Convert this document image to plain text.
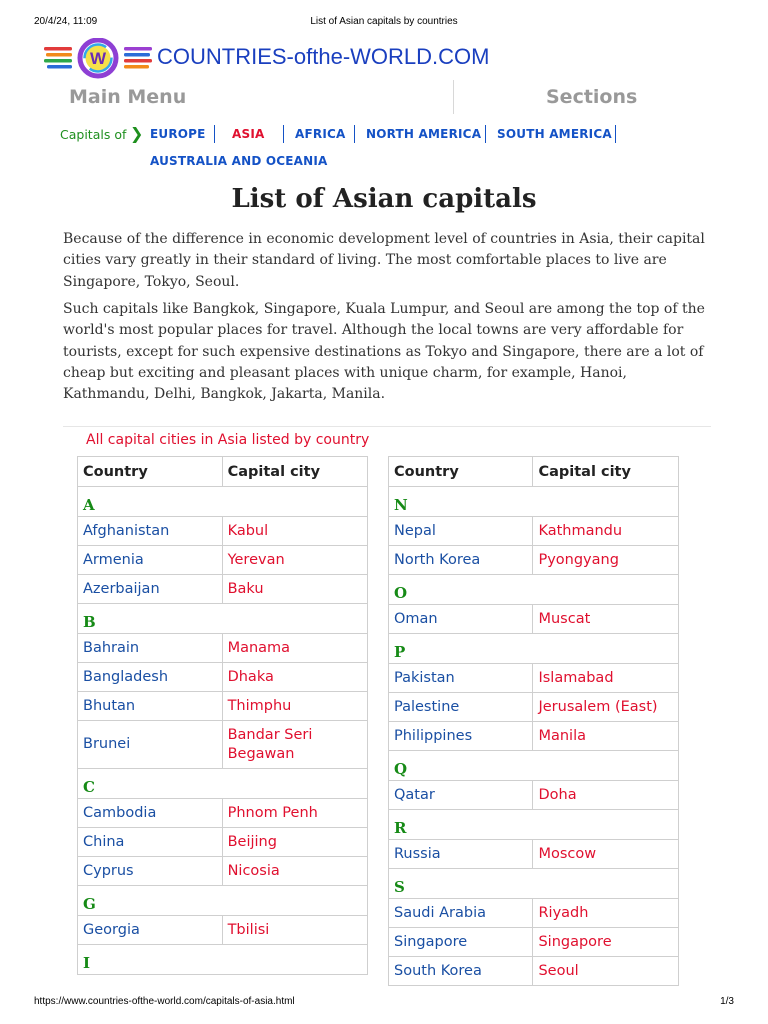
20/4/24, 11:09	List of Asian capitals by countries
W COUNTRIES-ofthe-WORLD.COM
Main Menu	Sections
Capitals of ❯ EUROPE ASIA	AFRICA NORTH AMERICA SOUTH AMERICA
AUSTRALIA AND OCEANIA
List of Asian capitals

Because of the difference in economic development level of countries in Asia, their capital cities vary greatly in their standard of living. The most comfortable places to live are Singapore, Tokyo, Seoul.

Such capitals like Bangkok, Singapore, Kuala Lumpur, and Seoul are among the top of the world's most popular places for travel. Although the local towns are very affordable for tourists, except for such expensive destinations as Tokyo and Singapore, there are a lot of cheap but exciting and pleasant places with unique charm, for example, Hanoi, Kathmandu, Delhi, Bangkok, Jakarta, Manila.

All capital cities in Asia listed by country
Country	Capital city
A	
Afghanistan	Kabul
Armenia	Yerevan
Azerbaijan	Baku
B	
Bahrain	Manama
Bangladesh	Dhaka
Bhutan	Thimphu
Brunei	Bandar Seri
Begawan
C	
Cambodia	Phnom Penh
China	Beijing
Cyprus	Nicosia
G	
Georgia	Tbilisi
I	
Country	Capital city
N	
Nepal	Kathmandu
North Korea	Pyongyang
O	
Oman	Muscat
P	
Pakistan	Islamabad
Palestine	Jerusalem (East)
Philippines	Manila
Q	
Qatar	Doha
R	
Russia	Moscow
S	
Saudi Arabia	Riyadh
Singapore	Singapore
South Korea	Seoul
https://www.countries-ofthe-world.com/capitals-of-asia.html	1/3
